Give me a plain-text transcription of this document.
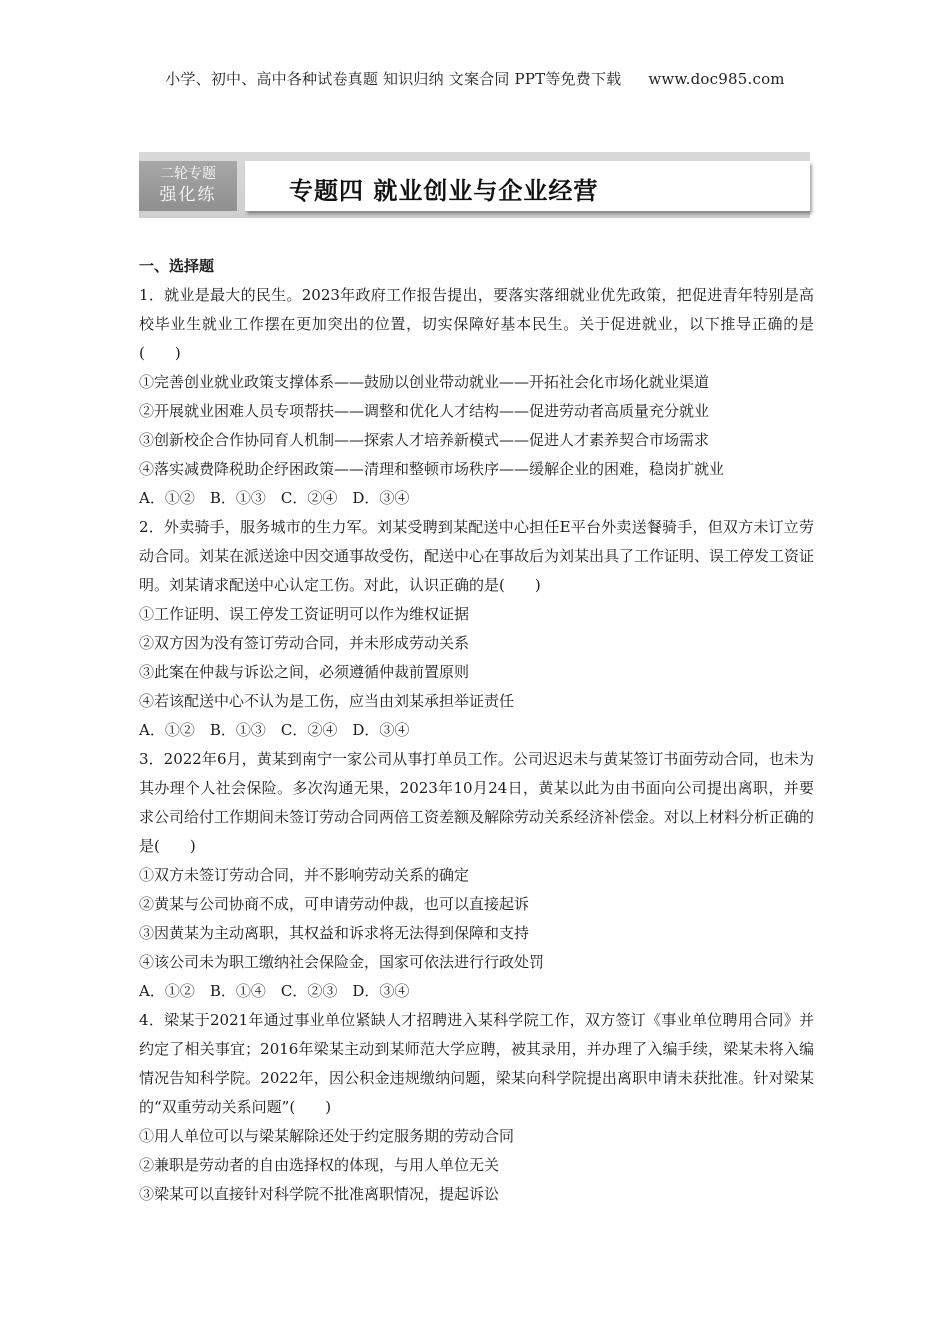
小学、初中、高中各种试卷真题 知识归纳 文案合同 PPT等免费下载 www.doc985.com
二轮专题
强化练	专题四 就业创业与企业经营
一、选择题
1．就业是最大的民生。2023年政府工作报告提出，要落实落细就业优先政策，把促进青年特别是高校毕业生就业工作摆在更加突出的位置，切实保障好基本民生。关于促进就业，以下推导正确的是(　　)
①完善创业就业政策支撑体系——鼓励以创业带动就业——开拓社会化市场化就业渠道
②开展就业困难人员专项帮扶——调整和优化人才结构——促进劳动者高质量充分就业
③创新校企合作协同育人机制——探索人才培养新模式——促进人才素养契合市场需求
④落实减费降税助企纾困政策——清理和整顿市场秩序——缓解企业的困难，稳岗扩就业
A．①②　B．①③　C．②④　D．③④
2．外卖骑手，服务城市的生力军。刘某受聘到某配送中心担任E平台外卖送餐骑手，但双方未订立劳动合同。刘某在派送途中因交通事故受伤，配送中心在事故后为刘某出具了工作证明、误工停发工资证明。刘某请求配送中心认定工伤。对此，认识正确的是(　　)
①工作证明、误工停发工资证明可以作为维权证据
②双方因为没有签订劳动合同，并未形成劳动关系
③此案在仲裁与诉讼之间，必须遵循仲裁前置原则
④若该配送中心不认为是工伤，应当由刘某承担举证责任
A．①②　B．①③　C．②④　D．③④
3．2022年6月，黄某到南宁一家公司从事打单员工作。公司迟迟未与黄某签订书面劳动合同，也未为其办理个人社会保险。多次沟通无果，2023年10月24日，黄某以此为由书面向公司提出离职，并要求公司给付工作期间未签订劳动合同两倍工资差额及解除劳动关系经济补偿金。对以上材料分析正确的是(　　)
①双方未签订劳动合同，并不影响劳动关系的确定
②黄某与公司协商不成，可申请劳动仲裁，也可以直接起诉
③因黄某为主动离职，其权益和诉求将无法得到保障和支持
④该公司未为职工缴纳社会保险金，国家可依法进行行政处罚
A．①②　B．①④　C．②③　D．③④
4．梁某于2021年通过事业单位紧缺人才招聘进入某科学院工作，双方签订《事业单位聘用合同》并约定了相关事宜；2016年梁某主动到某师范大学应聘，被其录用，并办理了入编手续，梁某未将入编情况告知科学院。2022年，因公积金违规缴纳问题，梁某向科学院提出离职申请未获批准。针对梁某的“双重劳动关系问题”(　　)
①用人单位可以与梁某解除还处于约定服务期的劳动合同
②兼职是劳动者的自由选择权的体现，与用人单位无关
③梁某可以直接针对科学院不批准离职情况，提起诉讼
